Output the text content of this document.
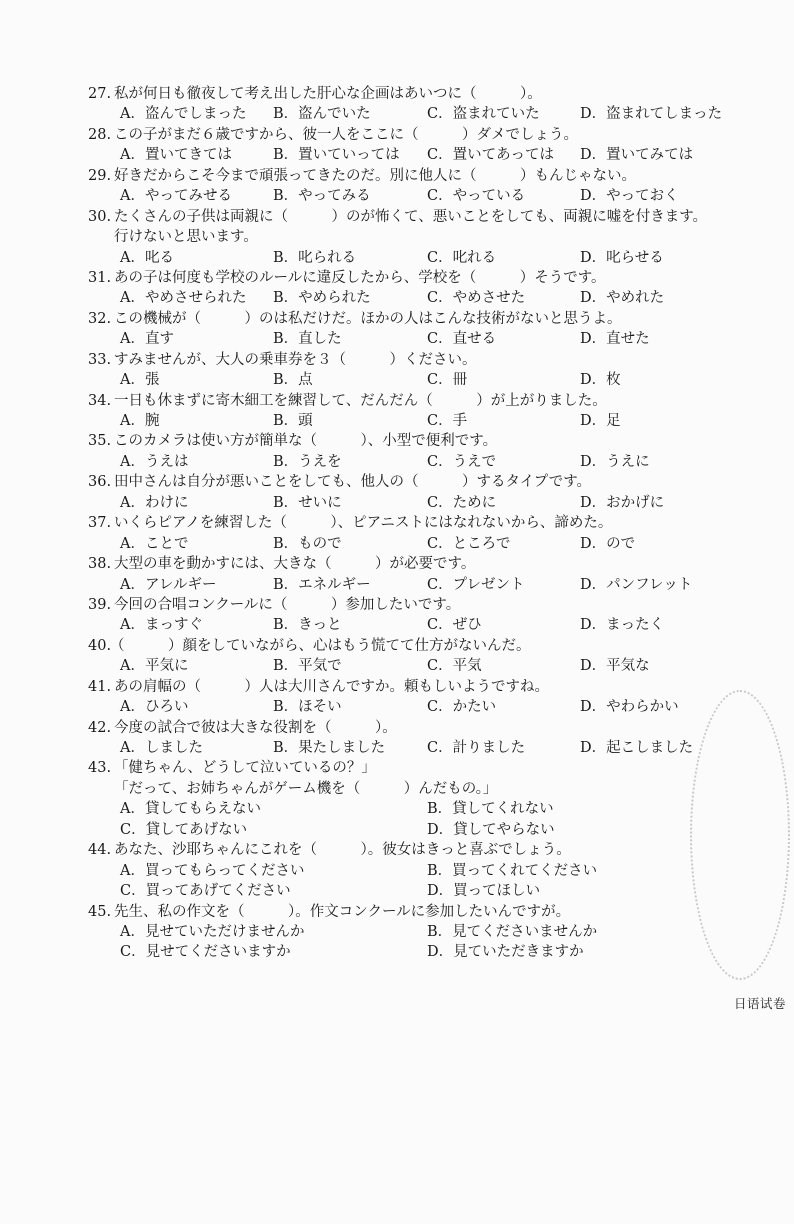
27. 私が何日も徹夜して考え出した肝心な企画はあいつに（　　　）。
A．盗んでしまった B．盗んでいた	C．盗まれていた	D．盗まれてしまった
28. この子がまだ６歳ですから、彼一人をここに（　　　）ダメでしょう。
A．置いてきては	B．置いていっては C．置いてあっては D．置いてみては
29. 好きだからこそ今まで頑張ってきたのだ。別に他人に（　　　）もんじゃない。
A．やってみせる	B．やってみる	C．やっている	D．やっておく
30. たくさんの子供は両親に（　　　）のが怖くて、悪いことをしても、両親に嘘を付きます。
行けないと思います。
A．叱る	B．叱られる	C．叱れる	D．叱らせる
31. あの子は何度も学校のルールに違反したから、学校を（　　　）そうです。
A．やめさせられた B．やめられた	C．やめさせた	D．やめれた
32. この機械が（　　　）のは私だけだ。ほかの人はこんな技術がないと思うよ。
A．直す	B．直した	C．直せる	D．直せた
33. すみませんが、大人の乗車券を３（　　　）ください。
A．張	B．点	C．冊	D．枚
34. 一日も休まずに寄木細工を練習して、だんだん（　　　）が上がりました。
A．腕	B．頭	C．手	D．足
35. このカメラは使い方が簡単な（　　　）、小型で便利です。
A．うえは	B．うえを	C．うえで	D．うえに
36. 田中さんは自分が悪いことをしても、他人の（　　　）するタイプです。
A．わけに	B．せいに	C．ために	D．おかげに
37. いくらピアノを練習した（　　　）、ピアニストにはなれないから、諦めた。
A．ことで	B．もので	C．ところで	D．ので
38. 大型の車を動かすには、大きな（　　　）が必要です。
A．アレルギー	B．エネルギー	C．プレゼント	D．パンフレット
39. 今回の合唱コンクールに（　　　）参加したいです。
A．まっすぐ	B．きっと	C．ぜひ	D．まったく
40.
（　　　）顔をしていながら、心はもう慌てて仕方がないんだ。
A．平気に	B．平気で	C．平気	D．平気な
41. あの肩幅の（　　　）人は大川さんですか。頼もしいようですね。
A．ひろい	B．ほそい	C．かたい	D．やわらかい
42. 今度の試合で彼は大きな役割を（　　　）。
A．しました	B．果たしました	C．計りました	D．起こしました
43. 「健ちゃん、どうして泣いているの？」
「だって、お姉ちゃんがゲーム機を（　　　）んだもの。」
A．貸してもらえない	B．貸してくれない
C．貸してあげない	D．貸してやらない
44. あなた、沙耶ちゃんにこれを（　　　）。彼女はきっと喜ぶでしょう。
A．買ってもらってください	B．買ってくれてください
C．買ってあげてください	D．買ってほしい
45. 先生、私の作文を（　　　）。作文コンクールに参加したいんですが。
A．見せていただけませんか	B．見てくださいませんか
C．見せてくださいますか	D．見ていただきますか
日语试卷
